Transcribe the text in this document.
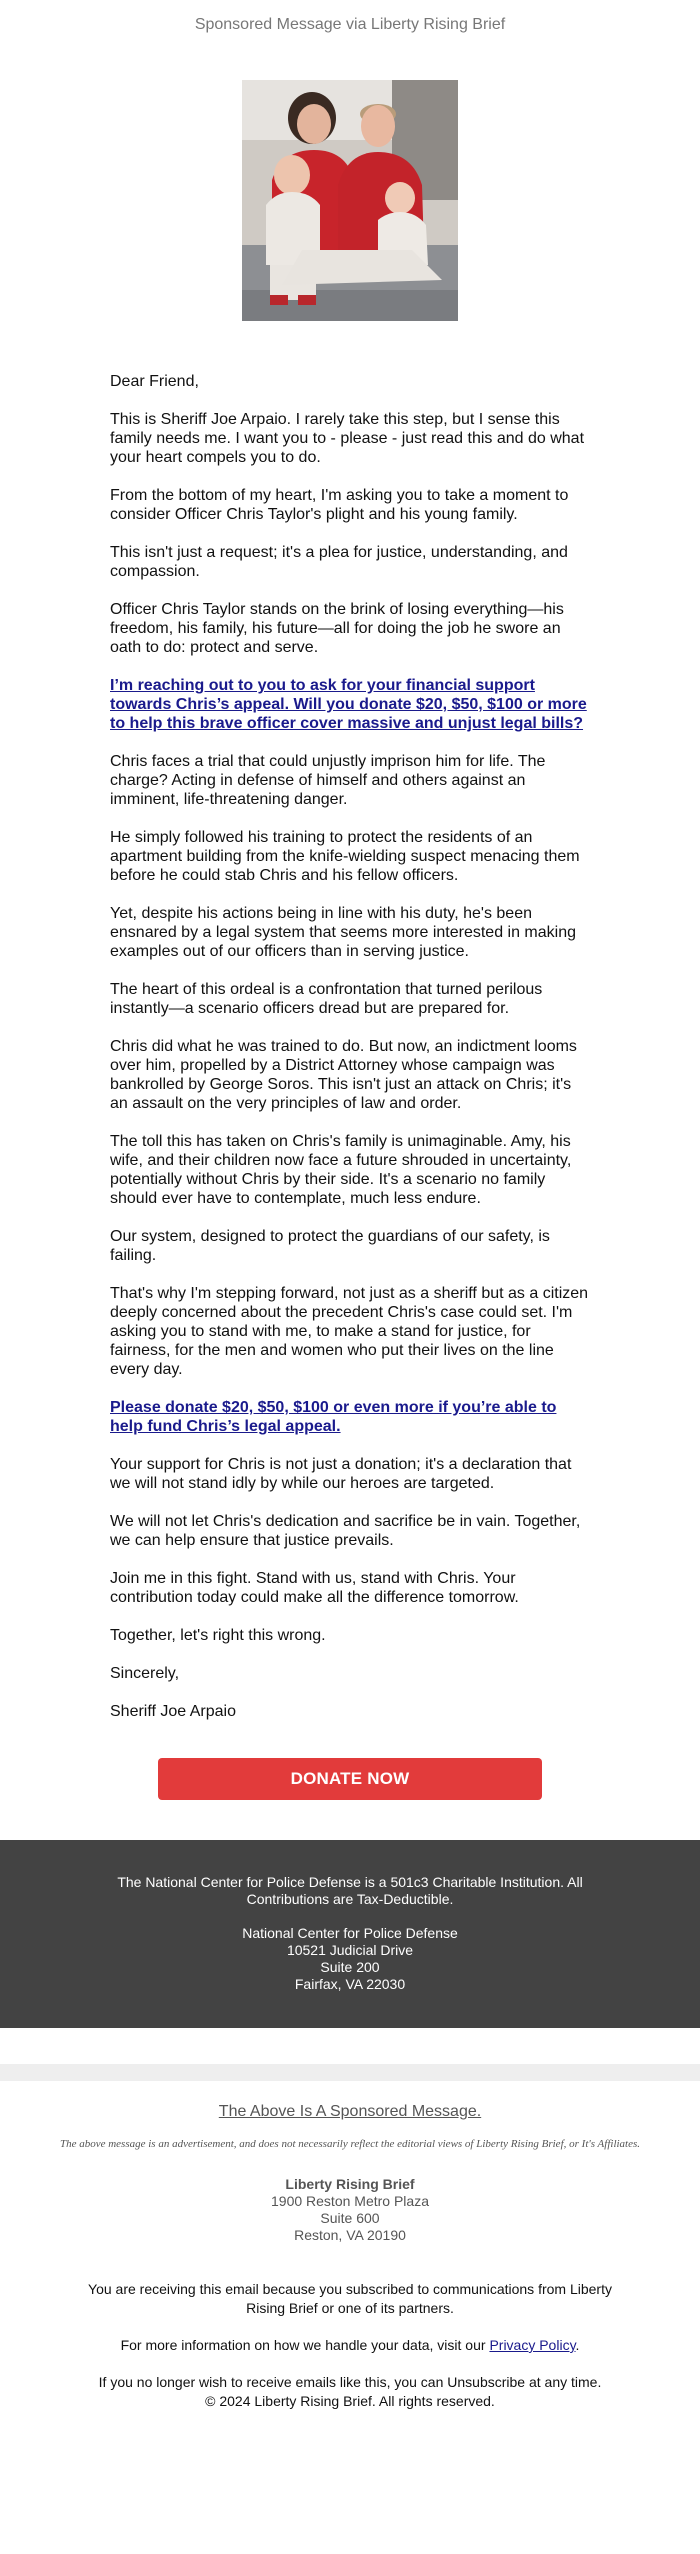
Sponsored Message via Liberty Rising Brief

Dear Friend,

This is Sheriff Joe Arpaio. I rarely take this step, but I sense this family needs me. I want you to - please - just read this and do what your heart compels you to do.

From the bottom of my heart, I'm asking you to take a moment to consider Officer Chris Taylor's plight and his young family.

This isn't just a request; it's a plea for justice, understanding, and compassion.

Officer Chris Taylor stands on the brink of losing everything—his freedom, his family, his future—all for doing the job he swore an oath to do: protect and serve.

I’m reaching out to you to ask for your financial support towards Chris’s appeal. Will you donate $20, $50, $100 or more to help this brave officer cover massive and unjust legal bills?

Chris faces a trial that could unjustly imprison him for life. The charge? Acting in defense of himself and others against an imminent, life-threatening danger.

He simply followed his training to protect the residents of an apartment building from the knife-wielding suspect menacing them before he could stab Chris and his fellow officers.

Yet, despite his actions being in line with his duty, he's been ensnared by a legal system that seems more interested in making examples out of our officers than in serving justice.

The heart of this ordeal is a confrontation that turned perilous instantly—a scenario officers dread but are prepared for.

Chris did what he was trained to do. But now, an indictment looms over him, propelled by a District Attorney whose campaign was bankrolled by George Soros. This isn't just an attack on Chris; it's an assault on the very principles of law and order.

The toll this has taken on Chris's family is unimaginable. Amy, his wife, and their children now face a future shrouded in uncertainty, potentially without Chris by their side. It's a scenario no family should ever have to contemplate, much less endure.

Our system, designed to protect the guardians of our safety, is failing.

That's why I'm stepping forward, not just as a sheriff but as a citizen deeply concerned about the precedent Chris's case could set. I'm asking you to stand with me, to make a stand for justice, for fairness, for the men and women who put their lives on the line every day.

Please donate $20, $50, $100 or even more if you’re able to help fund Chris’s legal appeal.

Your support for Chris is not just a donation; it's a declaration that we will not stand idly by while our heroes are targeted.

We will not let Chris's dedication and sacrifice be in vain. Together, we can help ensure that justice prevails.

Join me in this fight. Stand with us, stand with Chris. Your contribution today could make all the difference tomorrow.

Together, let's right this wrong.

Sincerely,

Sheriff Joe Arpaio

DONATE NOW
The National Center for Police Defense is a 501c3 Charitable Institution. All Contributions are Tax-Deductible.
National Center for Police Defense
10521 Judicial Drive
Suite 200
Fairfax, VA 22030
The Above Is A Sponsored Message.
The above message is an advertisement, and does not necessarily reflect the editorial views of Liberty Rising Brief, or It's Affiliates.
Liberty Rising Brief
1900 Reston Metro Plaza
Suite 600
Reston, VA 20190

You are receiving this email because you subscribed to communications from Liberty Rising Brief or one of its partners.

For more information on how we handle your data, visit our Privacy Policy.

If you no longer wish to receive emails like this, you can Unsubscribe at any time.
© 2024 Liberty Rising Brief. All rights reserved.
